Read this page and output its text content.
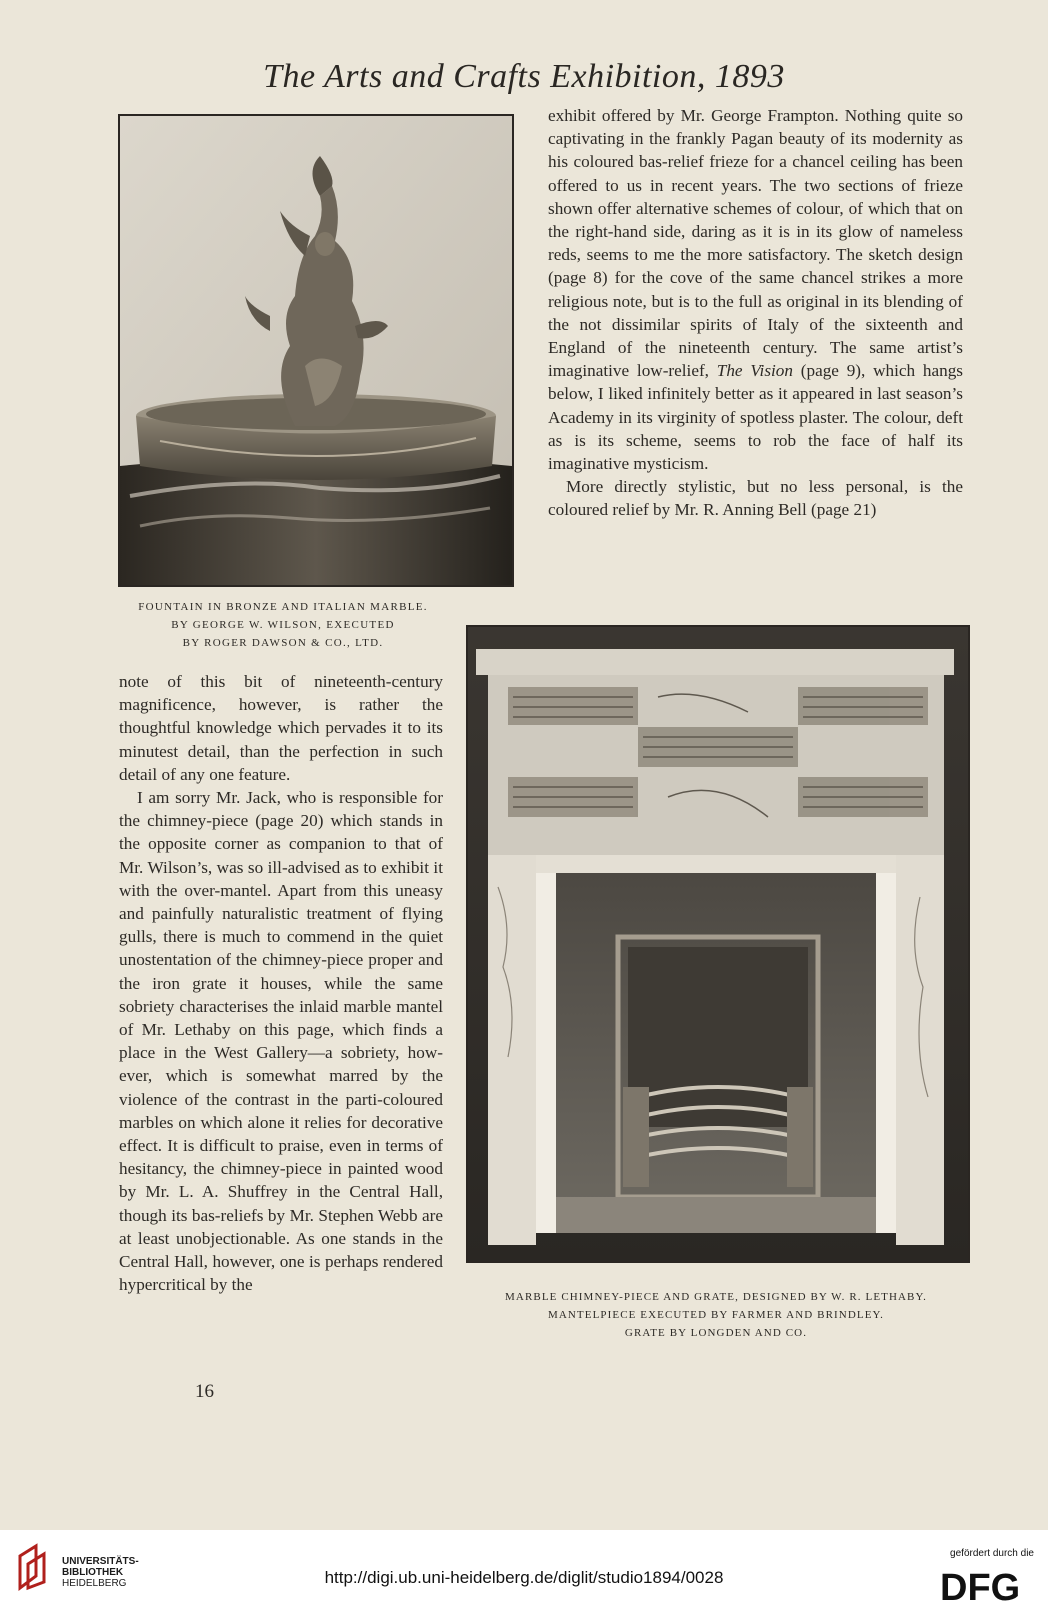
The Arts and Crafts Exhibition, 1893
FOUNTAIN IN BRONZE AND ITALIAN MARBLE.
BY GEORGE W. WILSON, EXECUTED
BY ROGER DAWSON & CO., LTD.

exhibit offered by Mr. George Frampton. Nothing quite so captivating in the frankly Pagan beauty of its modernity as his coloured bas-relief frieze for a chancel ceiling has been offered to us in recent years. The two sections of frieze shown offer alternative schemes of colour, of which that on the right-hand side, daring as it is in its glow of nameless reds, seems to me the more satisfactory. The sketch design (page 8) for the cove of the same chancel strikes a more religious note, but is to the full as original in its blending of the not dissimilar spirits of Italy of the sixteenth and England of the nineteenth century. The same artist’s imaginative low-relief, The Vision (page 9), which hangs below, I liked infinitely better as it appeared in last season’s Academy in its virginity of spotless plaster. The colour, deft as is its scheme, seems to rob the face of half its imaginative mysticism.

More directly stylistic, but no less personal, is the coloured relief by Mr. R. Anning Bell (page 21)

MARBLE CHIMNEY-PIECE AND GRATE, DESIGNED BY W. R. LETHABY.
MANTELPIECE EXECUTED BY FARMER AND BRINDLEY.
GRATE BY LONGDEN AND CO.

note of this bit of nineteenth-century magnificence, however, is rather the thoughtful knowledge which pervades it to its minutest detail, than the perfection in such detail of any one feature.

I am sorry Mr. Jack, who is responsible for the chimney-piece (page 20) which stands in the opposite corner as companion to that of Mr. Wilson’s, was so ill-advised as to exhibit it with the over-mantel. Apart from this uneasy and painfully naturalistic treatment of flying gulls, there is much to commend in the quiet unostentation of the chimney-piece proper and the iron grate it houses, while the same sobriety characterises the inlaid marble mantel of Mr. Lethaby on this page, which finds a place in the West Gallery—a sobriety, however, which is somewhat marred by the violence of the contrast in the parti-coloured marbles on which alone it relies for decorative effect. It is difficult to praise, even in terms of hesitancy, the chimney-piece in painted wood by Mr. L. A. Shuffrey in the Central Hall, though its bas-reliefs by Mr. Stephen Webb are at least unobjectionable. As one stands in the Central Hall, however, one is perhaps rendered hypercritical by the

16
UNIVERSITÄTS-
BIBLIOTHEK
HEIDELBERG	http://digi.ub.uni-heidelberg.de/diglit/studio1894/0028
gefördert durch die
DFG
